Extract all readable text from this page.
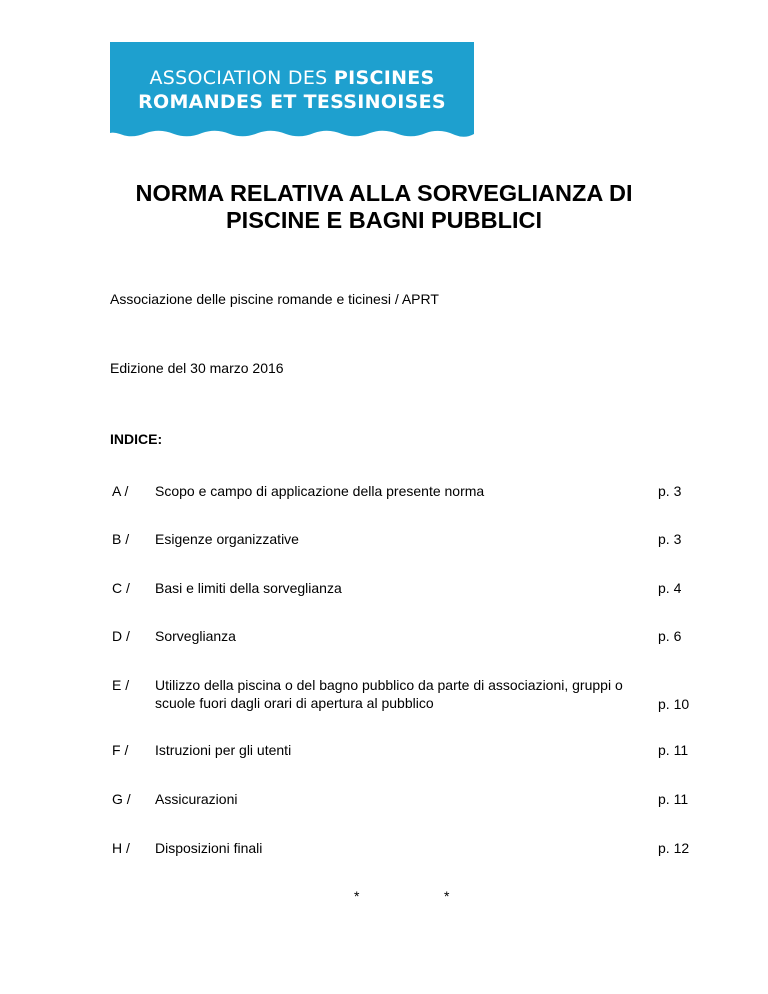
ASSOCIATION DES PISCINES
ROMANDES ET TESSINOISES
NORMA RELATIVA ALLA SORVEGLIANZA DI
PISCINE E BAGNI PUBBLICI
Associazione delle piscine romande e ticinesi / APRT
Edizione del 30 marzo 2016
INDICE:
A / Scopo e campo di applicazione della presente norma	p. 3
B / Esigenze organizzative	p. 3
C / Basi e limiti della sorveglianza	p. 4
D / Sorveglianza	p. 6
E / Utilizzo della piscina o del bagno pubblico da parte di associazioni, gruppi o scuole fuori dagli orari di apertura al pubblico	p. 10
F / Istruzioni per gli utenti	p. 11
G / Assicurazioni	p. 11
H / Disposizioni finali	p. 12
*	*
